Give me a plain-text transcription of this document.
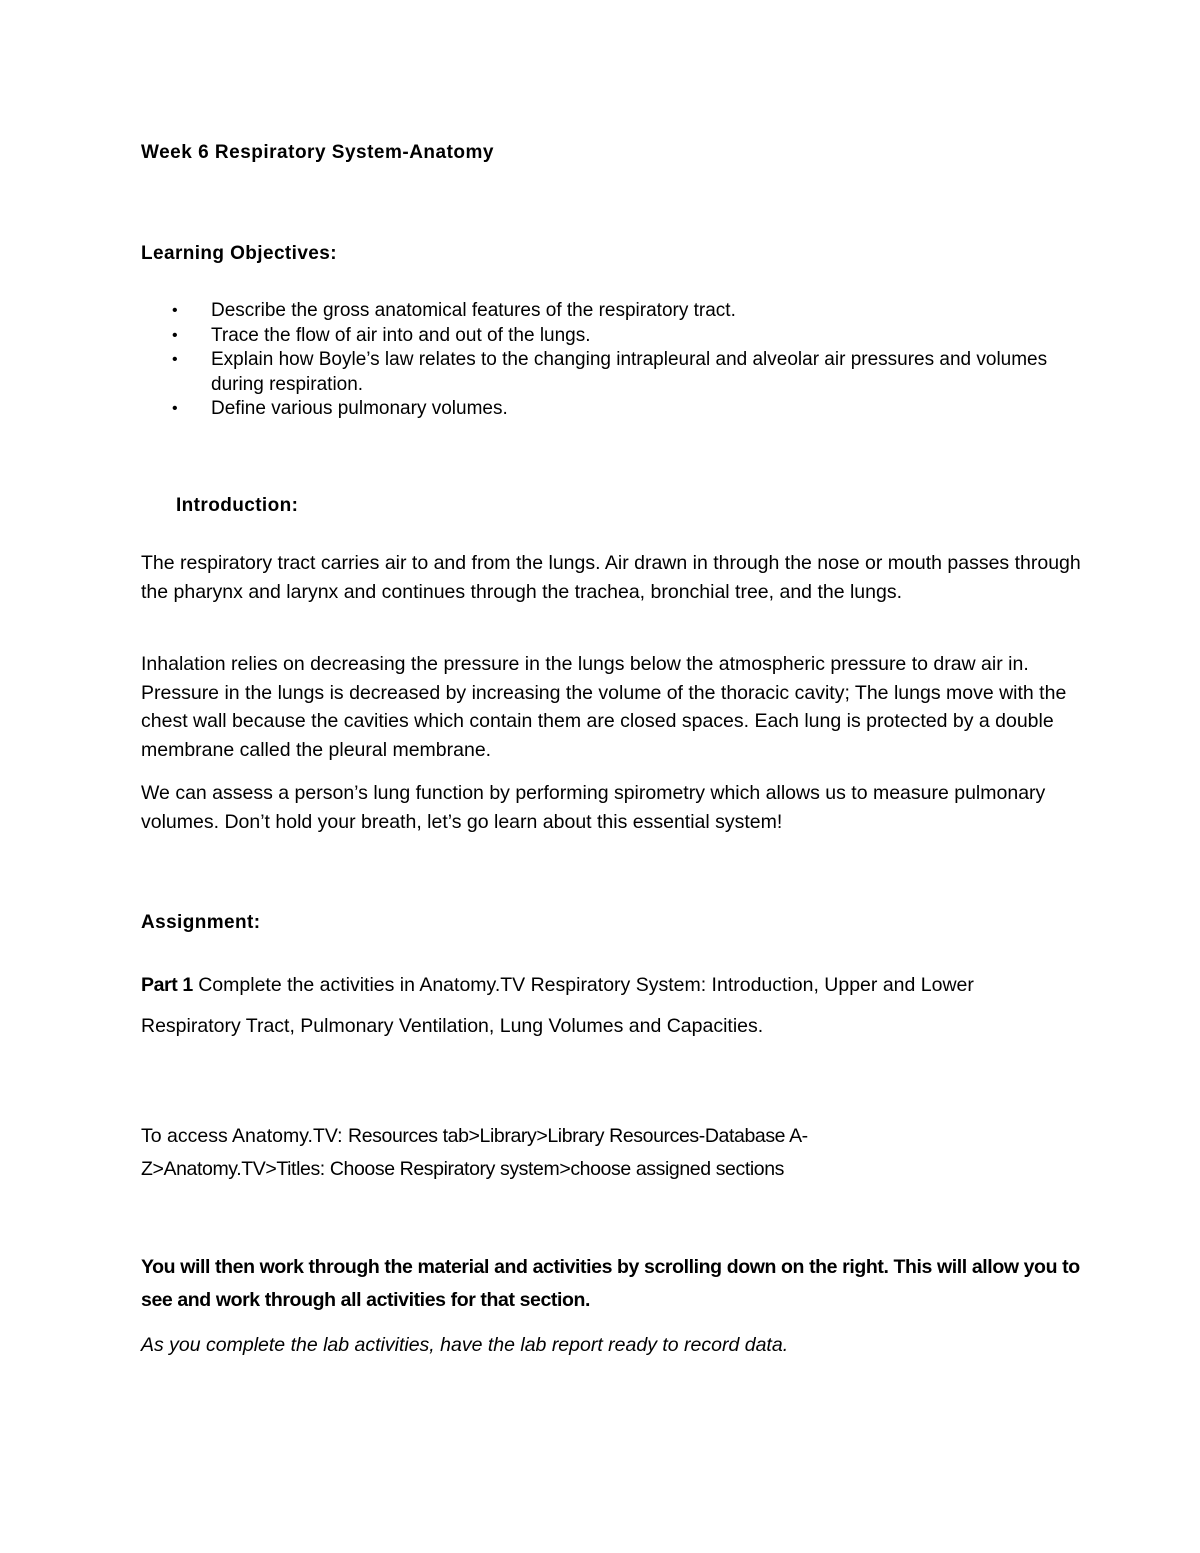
Week 6 Respiratory System-Anatomy
Learning Objectives:
• Describe the gross anatomical features of the respiratory tract.
• Trace the flow of air into and out of the lungs.
• Explain how Boyle’s law relates to the changing intrapleural and alveolar air pressures and volumes during respiration.
• Define various pulmonary volumes.
Introduction:

The respiratory tract carries air to and from the lungs. Air drawn in through the nose or mouth passes through the pharynx and larynx and continues through the trachea, bronchial tree, and the lungs.

Inhalation relies on decreasing the pressure in the lungs below the atmospheric pressure to draw air in. Pressure in the lungs is decreased by increasing the volume of the thoracic cavity; The lungs move with the chest wall because the cavities which contain them are closed spaces. Each lung is protected by a double membrane called the pleural membrane.

We can assess a person’s lung function by performing spirometry which allows us to measure pulmonary volumes. Don’t hold your breath, let’s go learn about this essential system!

Assignment:

Part 1 Complete the activities in Anatomy.TV Respiratory System: Introduction, Upper and Lower Respiratory Tract, Pulmonary Ventilation, Lung Volumes and Capacities.

To access Anatomy.TV: Resources tab>Library>Library Resources-Database A-Z>Anatomy.TV>Titles: Choose Respiratory system>choose assigned sections

You will then work through the material and activities by scrolling down on the right. This will allow you to see and work through all activities for that section.

As you complete the lab activities, have the lab report ready to record data.
